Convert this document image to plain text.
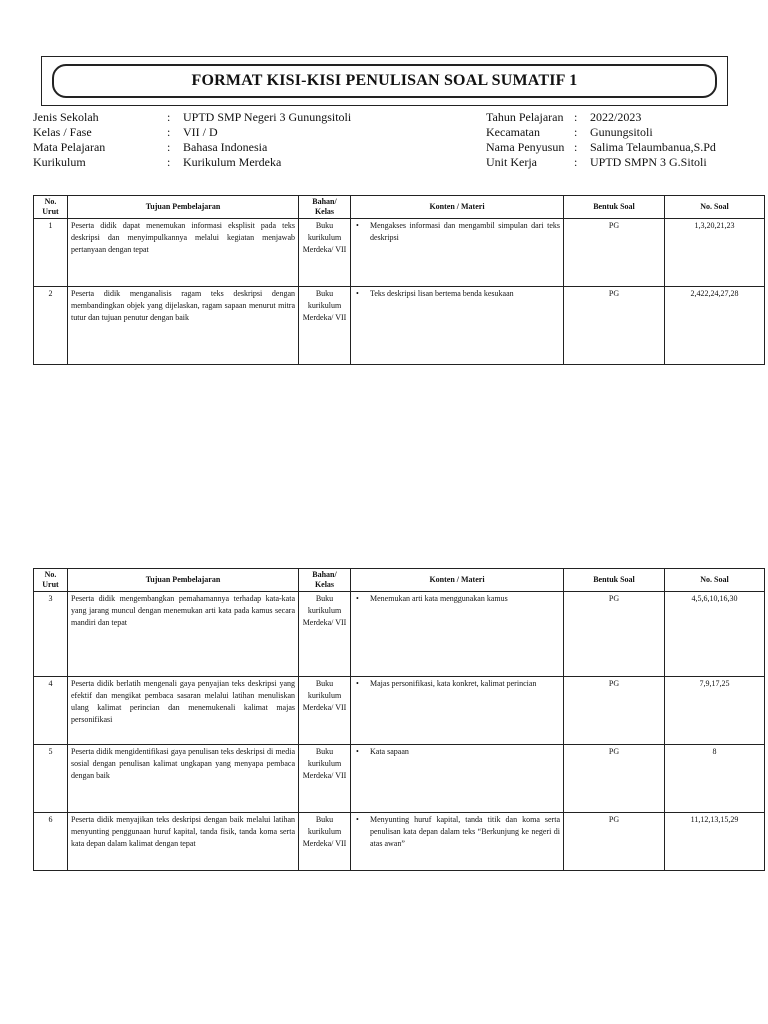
FORMAT KISI-KISI PENULISAN SOAL SUMATIF 1
Jenis Sekolah	:	UPTD SMP Negeri 3 Gunungsitoli
Kelas / Fase	:	VII / D
Mata Pelajaran	:	Bahasa Indonesia
Kurikulum	:	Kurikulum Merdeka
Tahun Pelajaran :	2022/2023
Kecamatan	:	Gunungsitoli
Nama Penyusun :	Salima Telaumbanua,S.Pd
Unit Kerja	:	UPTD SMPN 3 G.Sitoli
No. Urut	Tujuan Pembelajaran	Bahan/ Kelas	Konten / Materi	Bentuk Soal	No. Soal
1	Peserta didik dapat menemukan informasi eksplisit pada teks deskripsi dan menyimpulkannya melalui kegiatan menjawab pertanyaan dengan tepat	Buku kurikulum Merdeka/ VII	• Mengakses informasi dan mengambil simpulan dari teks deskripsi	PG	1,3,20,21,23
2	Peserta didik menganalisis ragam teks deskripsi dengan membandingkan objek yang dijelaskan, ragam sapaan menurut mitra tutur dan tujuan penutur dengan baik	Buku kurikulum Merdeka/ VII	• Teks deskripsi lisan bertema benda kesukaan	PG	2,422,24,27,28
No. Urut	Tujuan Pembelajaran	Bahan/ Kelas	Konten / Materi	Bentuk Soal	No. Soal
3	Peserta didik mengembangkan pemahamannya terhadap kata-kata yang jarang muncul dengan menemukan arti kata pada kamus secara mandiri dan tepat	Buku kurikulum Merdeka/ VII	• Menemukan arti kata menggunakan kamus	PG	4,5,6,10,16,30
4	Peserta didik berlatih mengenali gaya penyajian teks deskripsi yang efektif dan mengikat pembaca sasaran melalui latihan menuliskan ulang kalimat perincian dan menemukenali kalimat majas personifikasi	Buku kurikulum Merdeka/ VII	• Majas personifikasi, kata konkret, kalimat perincian	PG	7,9,17,25
5	Peserta didik mengidentifikasi gaya penulisan teks deskripsi di media sosial dengan penulisan kalimat ungkapan yang menyapa pembaca dengan baik	Buku kurikulum Merdeka/ VII	• Kata sapaan	PG	8
6	Peserta didik menyajikan teks deskripsi dengan baik melalui latihan menyunting penggunaan huruf kapital, tanda fisik, tanda koma serta kata depan dalam kalimat dengan tepat	Buku kurikulum Merdeka/ VII	• Menyunting huruf kapital, tanda titik dan koma serta penulisan kata depan dalam teks “Berkunjung ke negeri di atas awan”	PG	11,12,13,15,29
